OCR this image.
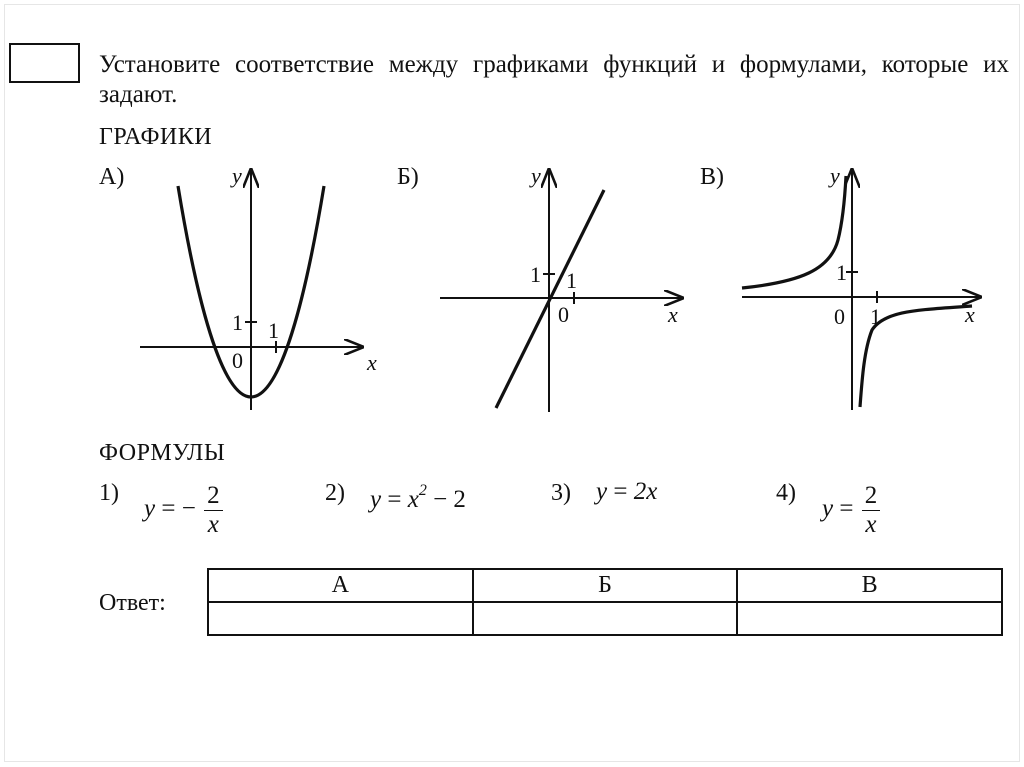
Установите соответствие между графиками функций и формулами, которые их задают.
ГРАФИКИ
А)	Б)	В)
y
x
1 1
0
y
x
1 1
0
y
x
1
1
0
ФОРМУЛЫ
1)
y = − $\frac{2}{x}$	2) $y = x^2 - 2$	3) y = 2x	4)
$y = \frac{2}{x}$
Ответ:
А	Б	В
